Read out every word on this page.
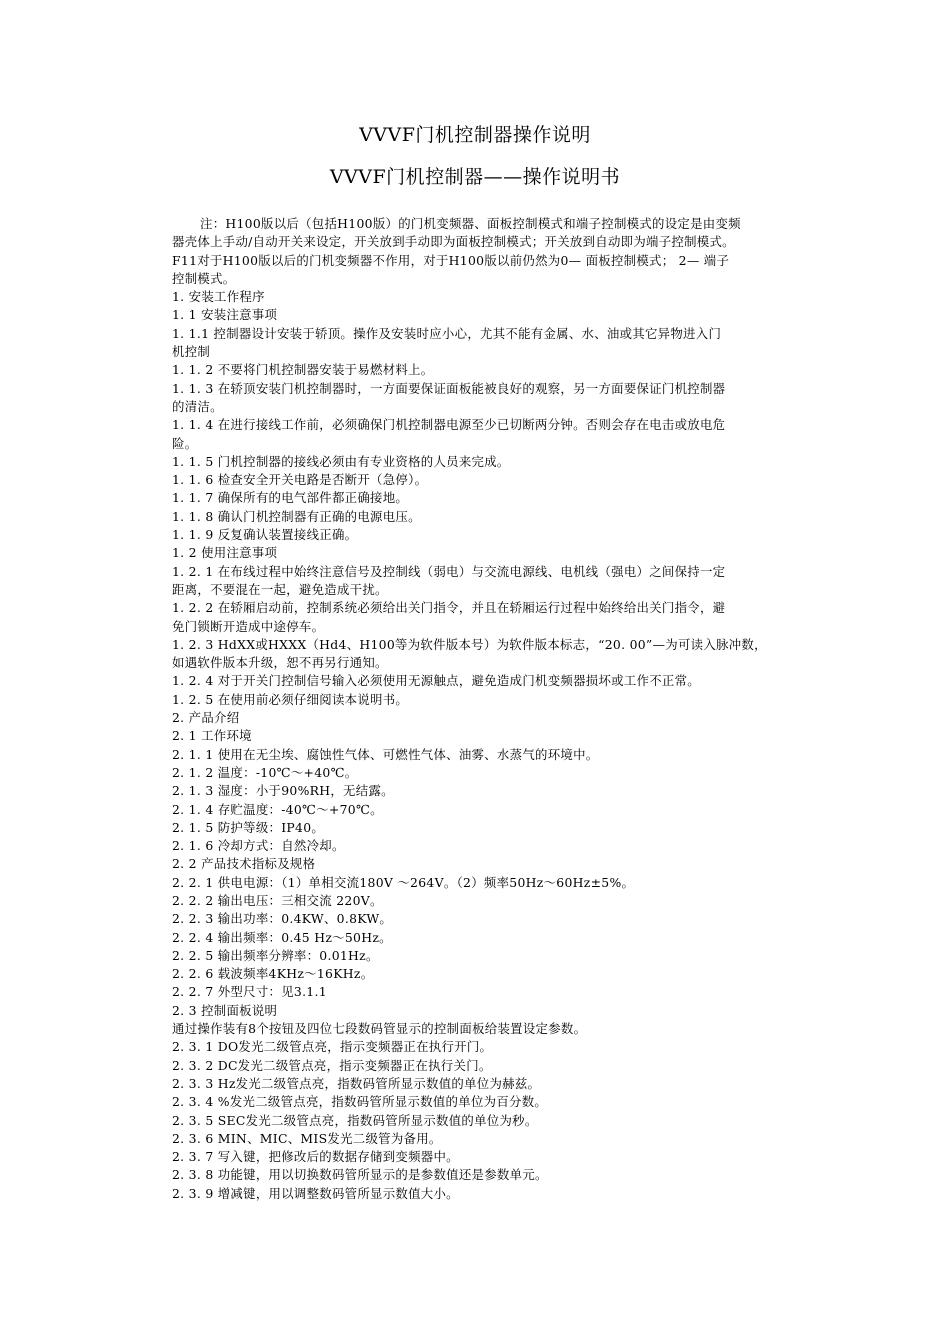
VVVF门机控制器操作说明
VVVF门机控制器——操作说明书

注：H100版以后（包括H100版）的门机变频器、面板控制模式和端子控制模式的设定是由变频

器壳体上手动/自动开关来设定，开关放到手动即为面板控制模式；开关放到自动即为端子控制模式。

F11对于H100版以后的门机变频器不作用，对于H100版以前仍然为0— 面板控制模式； 2— 端子

控制模式。

1. 安装工作程序

1. 1 安装注意事项

1. 1.1 控制器设计安装于轿顶。操作及安装时应小心，尤其不能有金属、水、油或其它异物进入门

机控制

1. 1. 2 不要将门机控制器安装于易燃材料上。

1. 1. 3 在轿顶安装门机控制器时，一方面要保证面板能被良好的观察，另一方面要保证门机控制器

的清洁。

1. 1. 4 在进行接线工作前，必须确保门机控制器电源至少已切断两分钟。否则会存在电击或放电危

险。

1. 1. 5 门机控制器的接线必须由有专业资格的人员来完成。

1. 1. 6 检查安全开关电路是否断开（急停）。

1. 1. 7 确保所有的电气部件都正确接地。

1. 1. 8 确认门机控制器有正确的电源电压。

1. 1. 9 反复确认装置接线正确。

1. 2 使用注意事项

1. 2. 1 在布线过程中始终注意信号及控制线（弱电）与交流电源线、电机线（强电）之间保持一定

距离，不要混在一起，避免造成干扰。

1. 2. 2 在轿厢启动前，控制系统必须给出关门指令，并且在轿厢运行过程中始终给出关门指令，避

免门锁断开造成中途停车。

1. 2. 3 HdXX或HXXX（Hd4、H100等为软件版本号）为软件版本标志，“20. 00”—为可读入脉冲数，

如遇软件版本升级，恕不再另行通知。

1. 2. 4 对于开关门控制信号输入必须使用无源触点，避免造成门机变频器损坏或工作不正常。

1. 2. 5 在使用前必须仔细阅读本说明书。

2. 产品介绍

2. 1 工作环境

2. 1. 1 使用在无尘埃、腐蚀性气体、可燃性气体、油雾、水蒸气的环境中。

2. 1. 2 温度：-10℃～+40℃。

2. 1. 3 湿度：小于90%RH，无结露。

2. 1. 4 存贮温度：-40℃～+70℃。

2. 1. 5 防护等级：IP40。

2. 1. 6 冷却方式：自然冷却。

2. 2 产品技术指标及规格

2. 2. 1 供电电源：（1）单相交流180V ～264V。（2）频率50Hz～60Hz±5%。

2. 2. 2 输出电压：三相交流 220V。

2. 2. 3 输出功率：0.4KW、0.8KW。

2. 2. 4 输出频率：0.45 Hz～50Hz。

2. 2. 5 输出频率分辨率：0.01Hz。

2. 2. 6 载波频率4KHz～16KHz。

2. 2. 7 外型尺寸：见3.1.1

2. 3 控制面板说明

通过操作装有8个按钮及四位七段数码管显示的控制面板给装置设定参数。

2. 3. 1 DO发光二级管点亮，指示变频器正在执行开门。

2. 3. 2 DC发光二级管点亮，指示变频器正在执行关门。

2. 3. 3 Hz发光二级管点亮，指数码管所显示数值的单位为赫兹。

2. 3. 4 %发光二级管点亮，指数码管所显示数值的单位为百分数。

2. 3. 5 SEC发光二级管点亮，指数码管所显示数值的单位为秒。

2. 3. 6 MIN、MIC、MIS发光二级管为备用。

2. 3. 7 写入键，把修改后的数据存储到变频器中。

2. 3. 8 功能键，用以切换数码管所显示的是参数值还是参数单元。

2. 3. 9 增减键，用以调整数码管所显示数值大小。
